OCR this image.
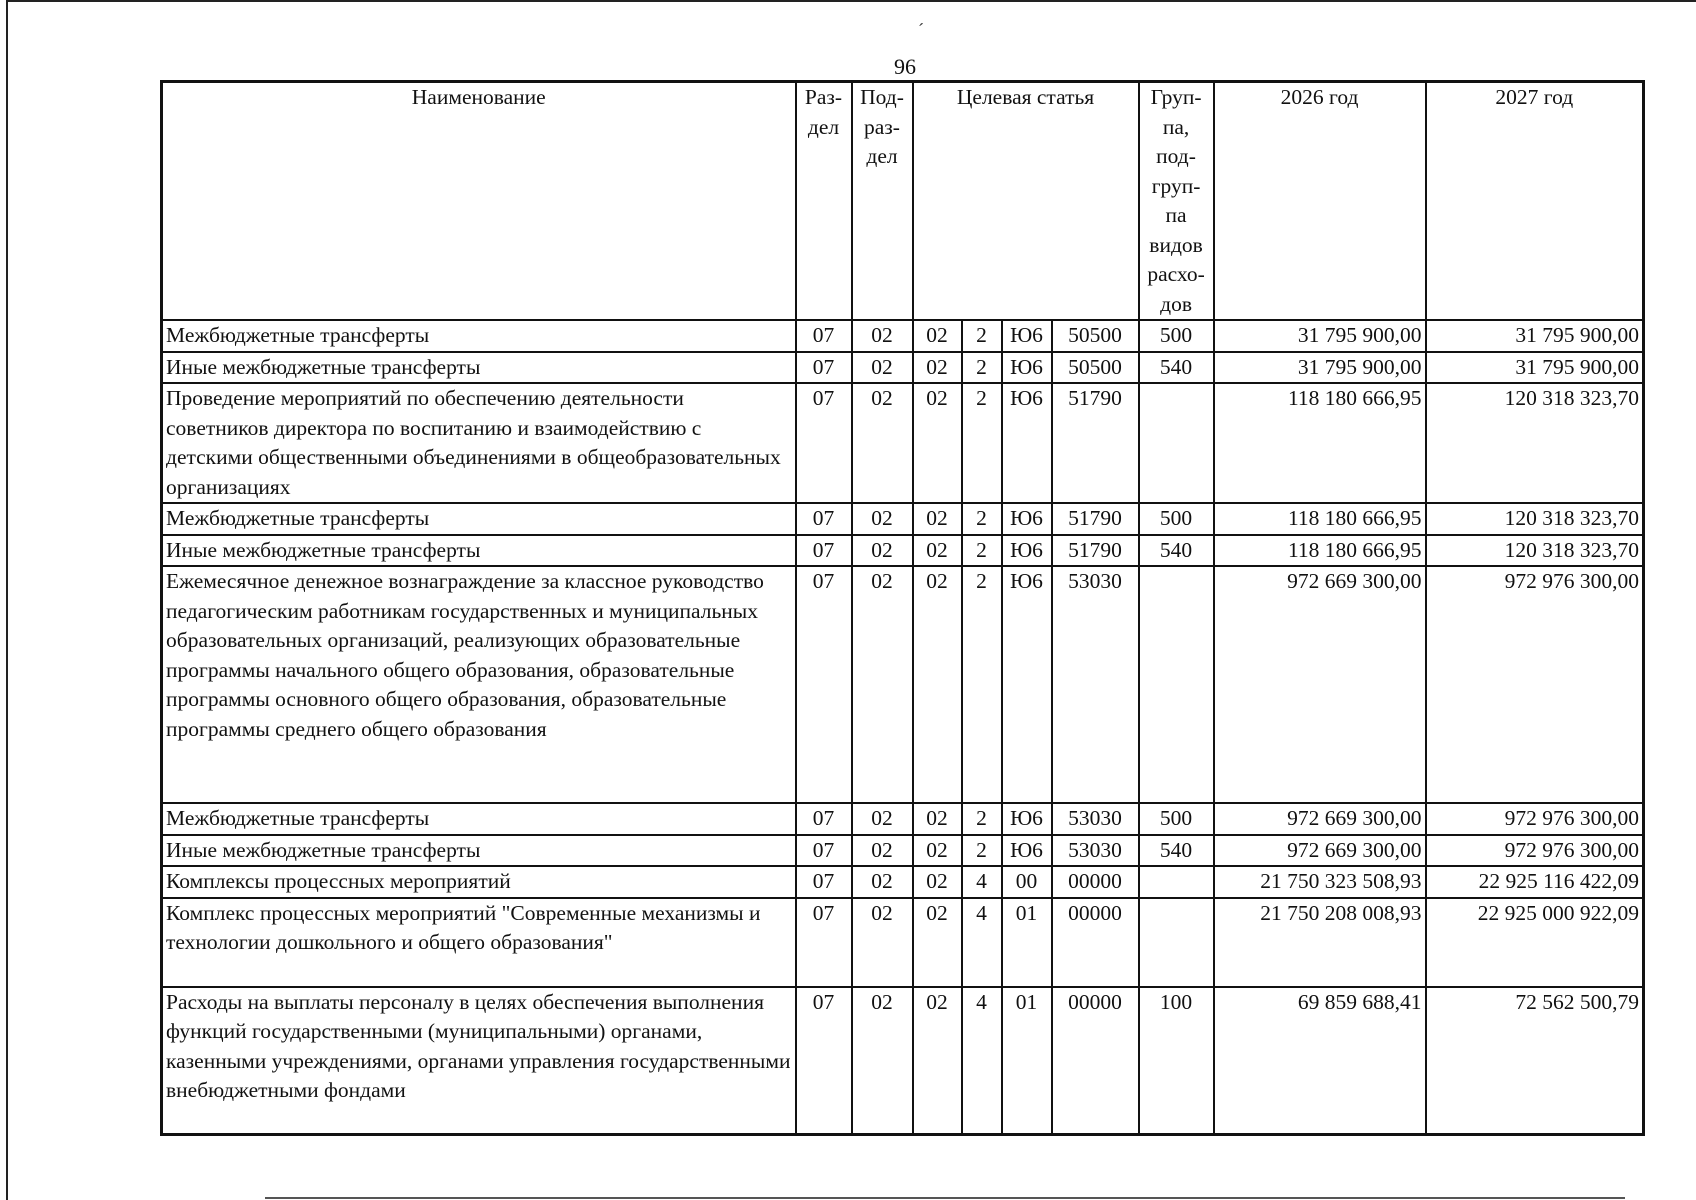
´
96
Наименование	Раз-дел	Под-раз-дел	Целевая статья				Груп-па, под-груп-па видов расхо-дов	2026 год	2027 год
Межбюджетные трансферты	07	02	02	2	Ю6	50500	500	31 795 900,00	31 795 900,00
Иные межбюджетные трансферты	07	02	02	2	Ю6	50500	540	31 795 900,00	31 795 900,00
Проведение мероприятий по обеспечению деятельности советников директора по воспитанию и взаимодействию с детскими общественными объединениями в общеобразовательных организациях	07	02	02	2	Ю6	51790		118 180 666,95	120 318 323,70
Межбюджетные трансферты	07	02	02	2	Ю6	51790	500	118 180 666,95	120 318 323,70
Иные межбюджетные трансферты	07	02	02	2	Ю6	51790	540	118 180 666,95	120 318 323,70
Ежемесячное денежное вознаграждение за классное руководство педагогическим работникам государственных и муниципальных образовательных организаций, реализующих образовательные программы начального общего образования, образовательные программы основного общего образования, образовательные программы среднего общего образования	07	02	02	2	Ю6	53030		972 669 300,00	972 976 300,00
Межбюджетные трансферты	07	02	02	2	Ю6	53030	500	972 669 300,00	972 976 300,00
Иные межбюджетные трансферты	07	02	02	2	Ю6	53030	540	972 669 300,00	972 976 300,00
Комплексы процессных мероприятий	07	02	02	4	00	00000		21 750 323 508,93	22 925 116 422,09
Комплекс процессных мероприятий "Современные механизмы и технологии дошкольного и общего образования"	07	02	02	4	01	00000		21 750 208 008,93	22 925 000 922,09
Расходы на выплаты персоналу в целях обеспечения выполнения функций государственными (муниципальными) органами, казенными учреждениями, органами управления государственными внебюджетными фондами	07	02	02	4	01	00000	100	69 859 688,41	72 562 500,79
